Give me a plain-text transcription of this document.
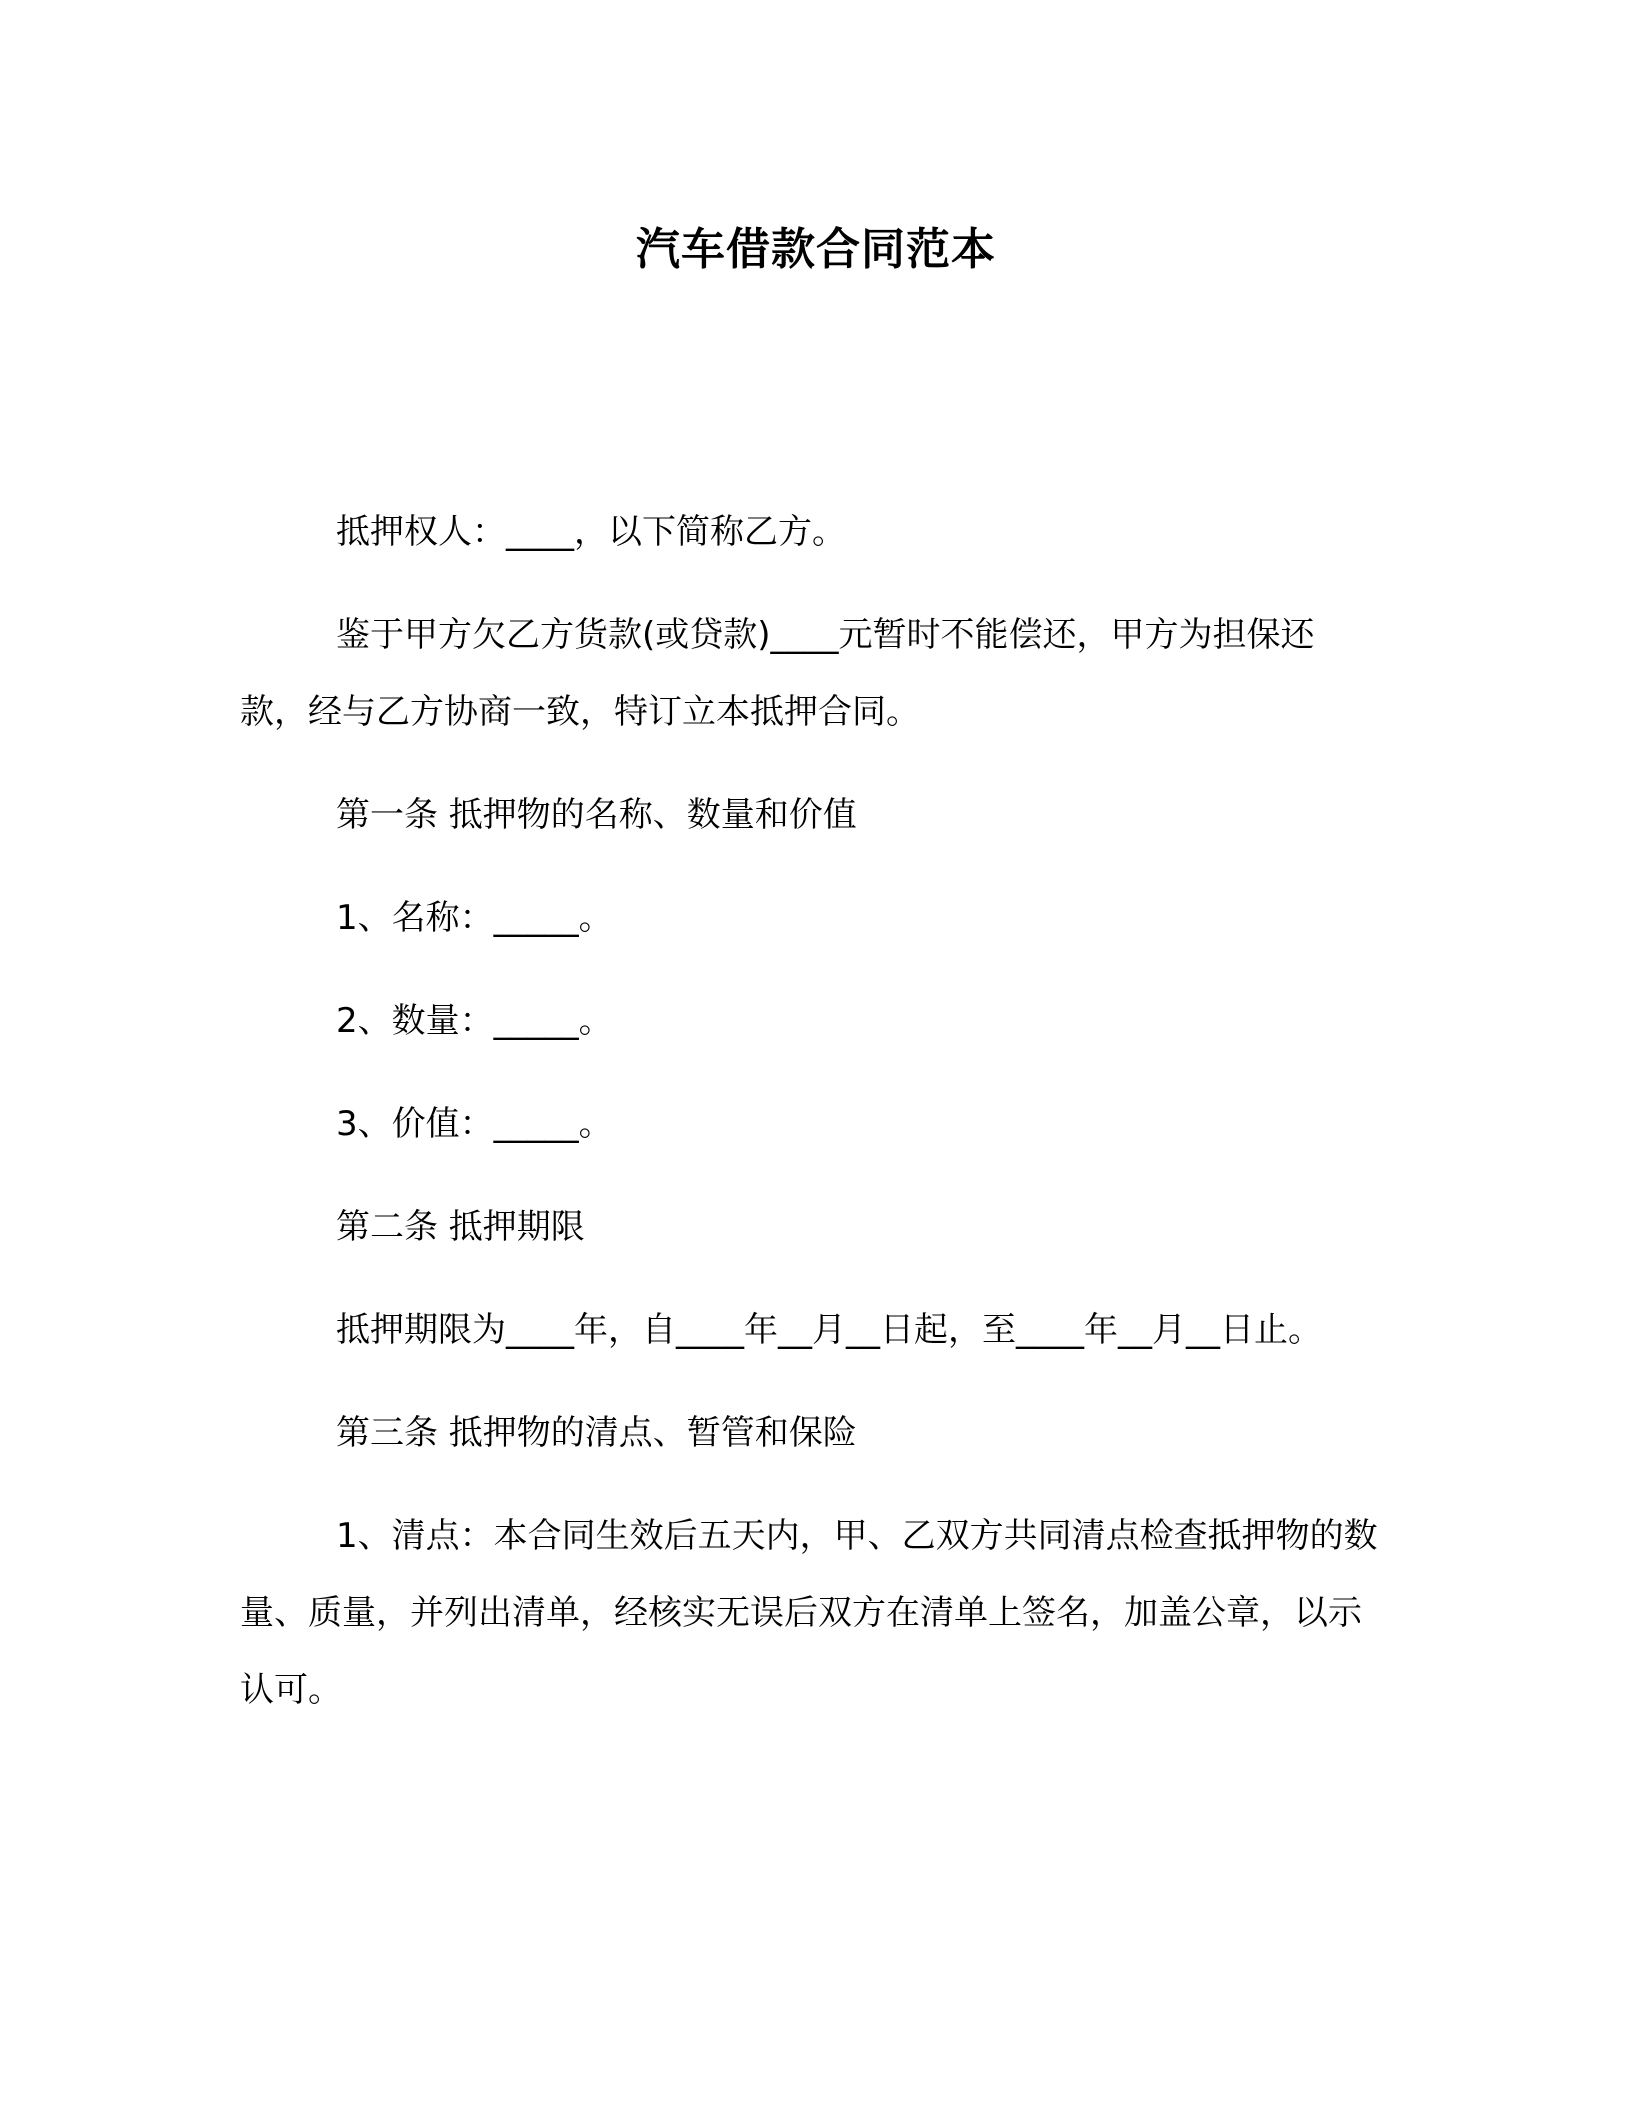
汽车借款合同范本

抵押权人：____，以下简称乙方。

鉴于甲方欠乙方货款(或贷款)____元暂时不能偿还，甲方为担保还款，经与乙方协商一致，特订立本抵押合同。

第一条 抵押物的名称、数量和价值

1、名称：_____。

2、数量：_____。

3、价值：_____。

第二条 抵押期限

抵押期限为____年，自____年__月__日起，至____年__月__日止。

第三条 抵押物的清点、暂管和保险

1、清点：本合同生效后五天内，甲、乙双方共同清点检查抵押物的数量、质量，并列出清单，经核实无误后双方在清单上签名，加盖公章，以示认可。
